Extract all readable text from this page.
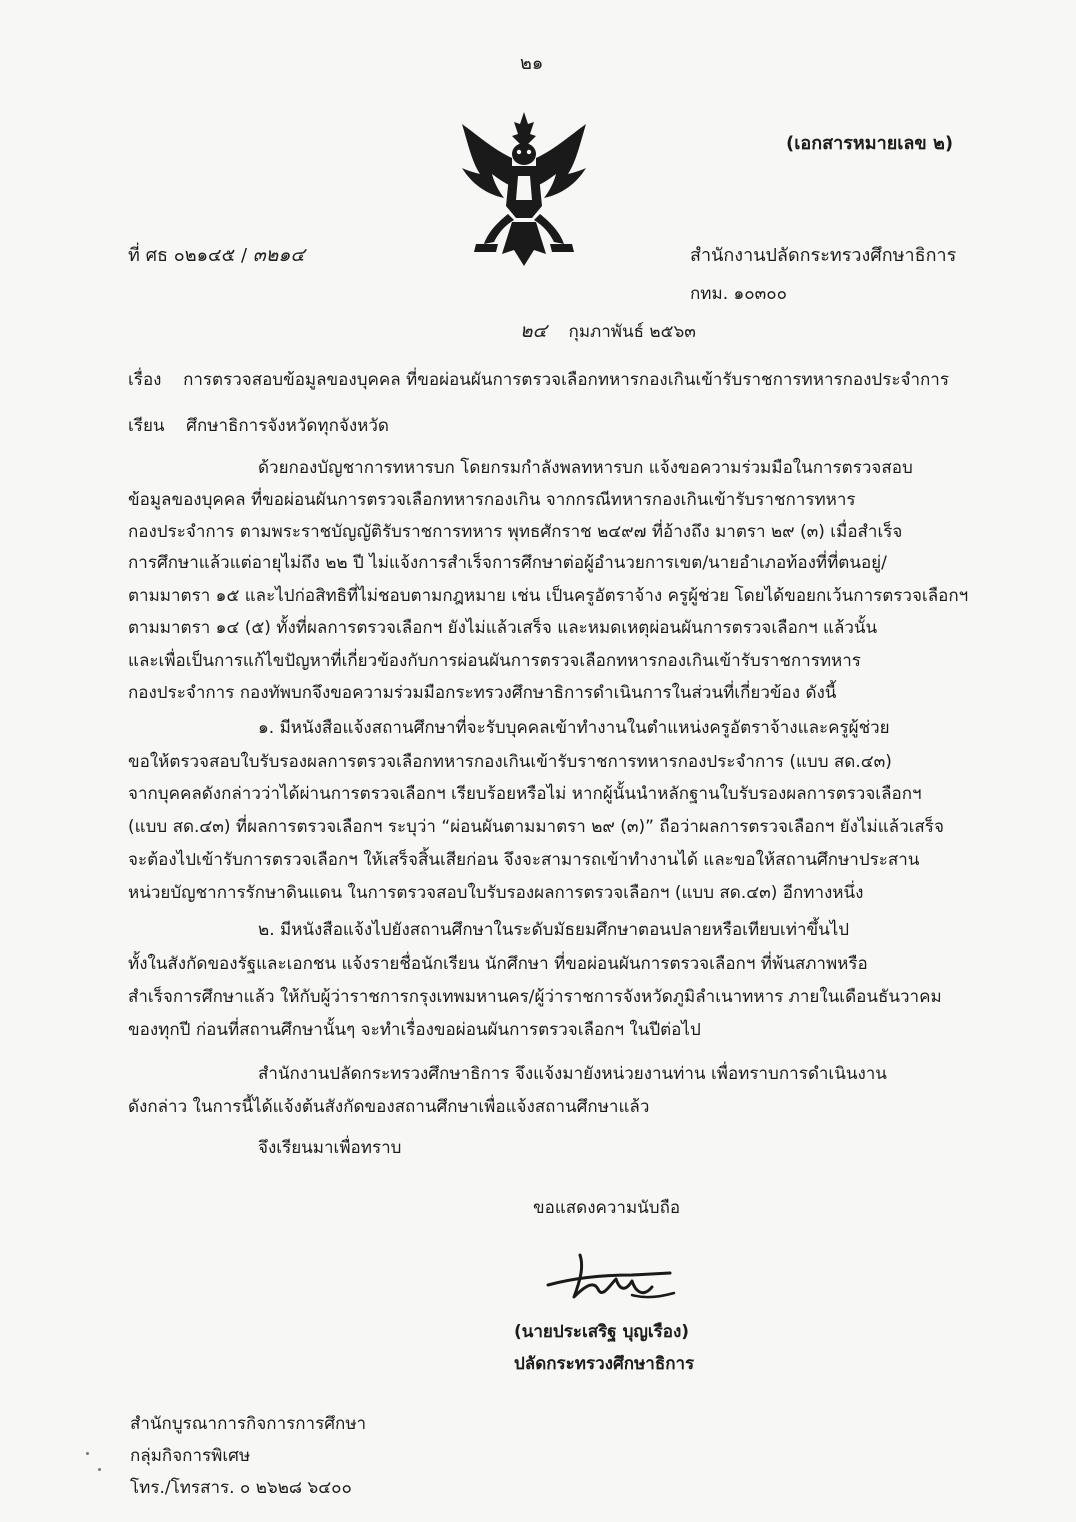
๒๑
(เอกสารหมายเลข ๒)
ที่ ศธ ๐๒๑๔๕ / ๓๒๑๔	สำนักงานปลัดกระทรวงศึกษาธิการ
กทม. ๑๐๓๐๐
๒๔ กุมภาพันธ์ ๒๕๖๓
เรื่อง การตรวจสอบข้อมูลของบุคคล ที่ขอผ่อนผันการตรวจเลือกทหารกองเกินเข้ารับราชการทหารกองประจำการ
เรียน ศึกษาธิการจังหวัดทุกจังหวัด
ด้วยกองบัญชาการทหารบก โดยกรมกำลังพลทหารบก แจ้งขอความร่วมมือในการตรวจสอบ
ข้อมูลของบุคคล ที่ขอผ่อนผันการตรวจเลือกทหารกองเกิน จากกรณีทหารกองเกินเข้ารับราชการทหาร
กองประจำการ ตามพระราชบัญญัติรับราชการทหาร พุทธศักราช ๒๔๙๗ ที่อ้างถึง มาตรา ๒๙ (๓) เมื่อสำเร็จ
การศึกษาแล้วแต่อายุไม่ถึง ๒๒ ปี ไม่แจ้งการสำเร็จการศึกษาต่อผู้อำนวยการเขต/นายอำเภอท้องที่ที่ตนอยู่/
ตามมาตรา ๑๕ และไปก่อสิทธิที่ไม่ชอบตามกฎหมาย เช่น เป็นครูอัตราจ้าง ครูผู้ช่วย โดยได้ขอยกเว้นการตรวจเลือกฯ
ตามมาตรา ๑๔ (๕) ทั้งที่ผลการตรวจเลือกฯ ยังไม่แล้วเสร็จ และหมดเหตุผ่อนผันการตรวจเลือกฯ แล้วนั้น
และเพื่อเป็นการแก้ไขปัญหาที่เกี่ยวข้องกับการผ่อนผันการตรวจเลือกทหารกองเกินเข้ารับราชการทหาร
กองประจำการ กองทัพบกจึงขอความร่วมมือกระทรวงศึกษาธิการดำเนินการในส่วนที่เกี่ยวข้อง ดังนี้
๑. มีหนังสือแจ้งสถานศึกษาที่จะรับบุคคลเข้าทำงานในตำแหน่งครูอัตราจ้างและครูผู้ช่วย
ขอให้ตรวจสอบใบรับรองผลการตรวจเลือกทหารกองเกินเข้ารับราชการทหารกองประจำการ (แบบ สด.๔๓)
จากบุคคลดังกล่าวว่าได้ผ่านการตรวจเลือกฯ เรียบร้อยหรือไม่ หากผู้นั้นนำหลักฐานใบรับรองผลการตรวจเลือกฯ
(แบบ สด.๔๓) ที่ผลการตรวจเลือกฯ ระบุว่า “ผ่อนผันตามมาตรา ๒๙ (๓)” ถือว่าผลการตรวจเลือกฯ ยังไม่แล้วเสร็จ
จะต้องไปเข้ารับการตรวจเลือกฯ ให้เสร็จสิ้นเสียก่อน จึงจะสามารถเข้าทำงานได้ และขอให้สถานศึกษาประสาน
หน่วยบัญชาการรักษาดินแดน ในการตรวจสอบใบรับรองผลการตรวจเลือกฯ (แบบ สด.๔๓) อีกทางหนึ่ง
๒. มีหนังสือแจ้งไปยังสถานศึกษาในระดับมัธยมศึกษาตอนปลายหรือเทียบเท่าขึ้นไป
ทั้งในสังกัดของรัฐและเอกชน แจ้งรายชื่อนักเรียน นักศึกษา ที่ขอผ่อนผันการตรวจเลือกฯ ที่พ้นสภาพหรือ
สำเร็จการศึกษาแล้ว ให้กับผู้ว่าราชการกรุงเทพมหานคร/ผู้ว่าราชการจังหวัดภูมิลำเนาทหาร ภายในเดือนธันวาคม
ของทุกปี ก่อนที่สถานศึกษานั้นๆ จะทำเรื่องขอผ่อนผันการตรวจเลือกฯ ในปีต่อไป
สำนักงานปลัดกระทรวงศึกษาธิการ จึงแจ้งมายังหน่วยงานท่าน เพื่อทราบการดำเนินงาน
ดังกล่าว ในการนี้ได้แจ้งต้นสังกัดของสถานศึกษาเพื่อแจ้งสถานศึกษาแล้ว
จึงเรียนมาเพื่อทราบ
ขอแสดงความนับถือ
(นายประเสริฐ บุญเรือง)
ปลัดกระทรวงศึกษาธิการ
สำนักบูรณาการกิจการการศึกษา
กลุ่มกิจการพิเศษ
โทร./โทรสาร. ๐ ๒๖๒๘ ๖๔๐๐
